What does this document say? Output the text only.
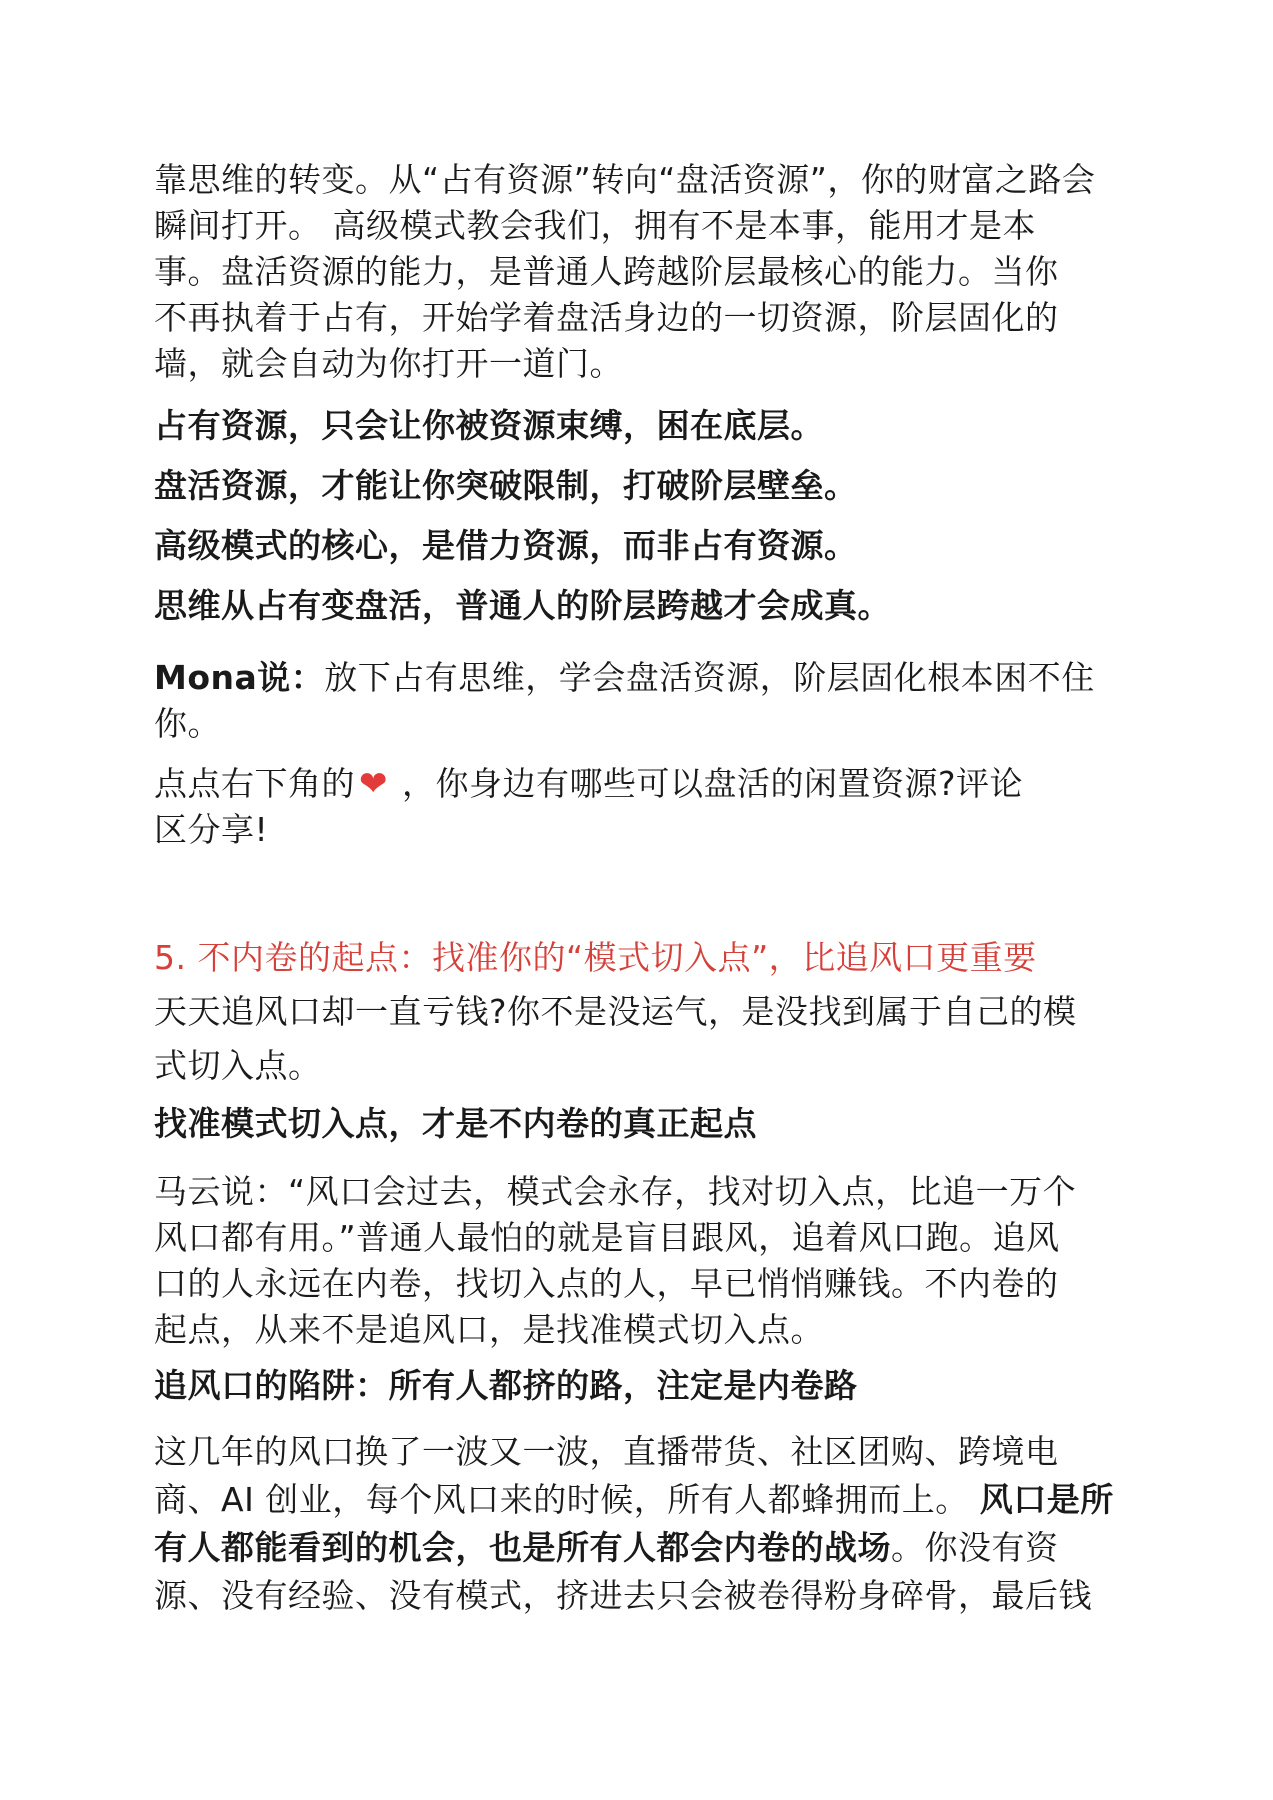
靠思维的转变。从“占有资源”转向“盘活资源”，你的财富之路会
瞬间打开。 高级模式教会我们，拥有不是本事，能用才是本
事。盘活资源的能力，是普通人跨越阶层最核心的能力。当你
不再执着于占有，开始学着盘活身边的一切资源，阶层固化的
墙，就会自动为你打开一道门。
占有资源，只会让你被资源束缚，困在底层。
盘活资源，才能让你突破限制，打破阶层壁垒。
高级模式的核心，是借力资源，而非占有资源。
思维从占有变盘活，普通人的阶层跨越才会成真。
Mona说：放下占有思维，学会盘活资源，阶层固化根本困不住
你。
点点右下角的 ❤ ，你身边有哪些可以盘活的闲置资源?评论
区分享!
5. 不内卷的起点：找准你的“模式切入点”，比追风口更重要
天天追风口却一直亏钱?你不是没运气，是没找到属于自己的模
式切入点。
找准模式切入点，才是不内卷的真正起点
马云说：“风口会过去，模式会永存，找对切入点，比追一万个
风口都有用。”普通人最怕的就是盲目跟风，追着风口跑。追风
口的人永远在内卷，找切入点的人，早已悄悄赚钱。不内卷的
起点，从来不是追风口，是找准模式切入点。
追风口的陷阱：所有人都挤的路，注定是内卷路
这几年的风口换了一波又一波，直播带货、社区团购、跨境电
商、AI 创业，每个风口来的时候，所有人都蜂拥而上。 风口是所
有人都能看到的机会，也是所有人都会内卷的战场。你没有资
源、没有经验、没有模式，挤进去只会被卷得粉身碎骨，最后钱
